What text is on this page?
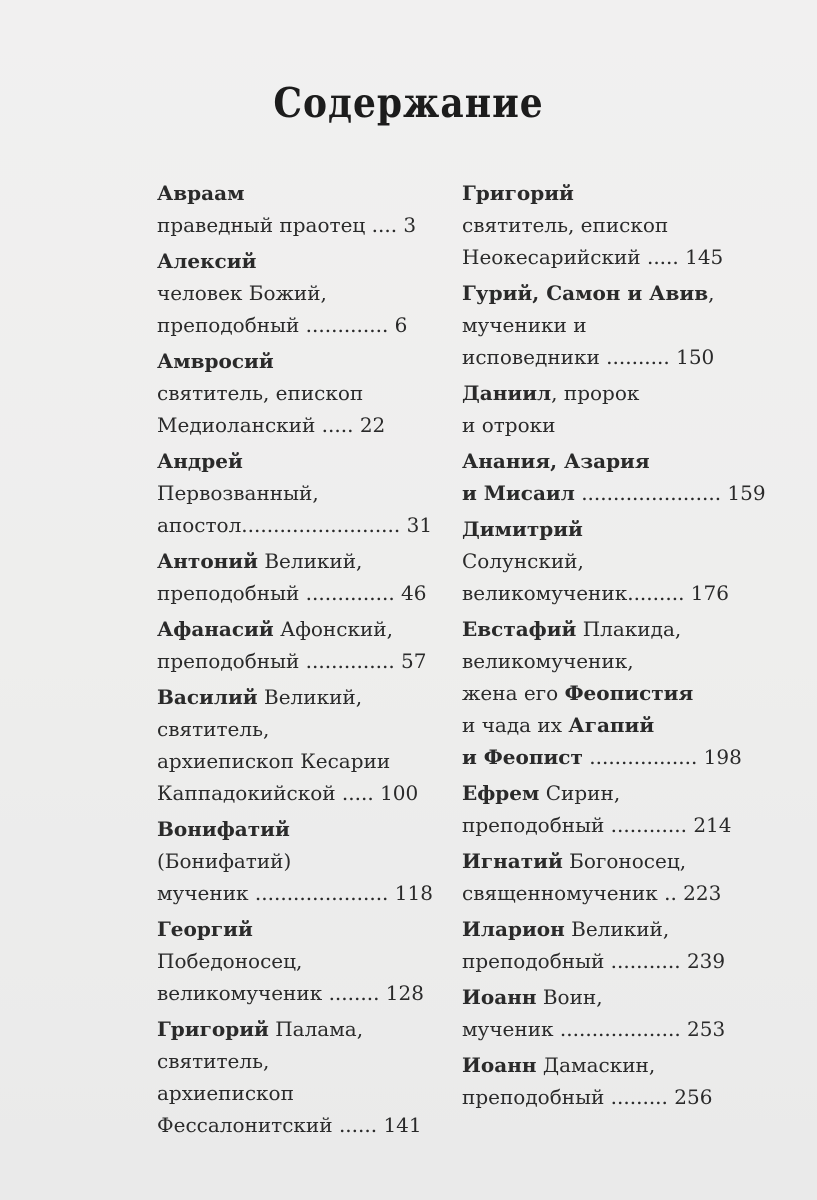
Содержание
Авраам
праведный праотец .... 3
Алексий
человек Божий,
преподобный ............. 6
Амвросий
святитель, епископ
Медиоланский ..... 22
Андрей
Первозванный,
апостол......................... 31
Антоний Великий,
преподобный .............. 46
Афанасий Афонский,
преподобный .............. 57
Василий Великий,
святитель,
архиепископ Кесарии
Каппадокийской ..... 100
Вонифатий
(Бонифатий)
мученик ..................... 118
Георгий
Победоносец,
великомученик ........ 128
Григорий Палама,
святитель,
архиепископ
Фессалонитский ...... 141
Григорий
святитель, епископ
Неокесарийский ..... 145
Гурий, Самон и Авив,
мученики и
исповедники .......... 150
Даниил, пророк
и отроки
Анания, Азария
и Мисаил ...................... 159
Димитрий
Солунский,
великомученик......... 176
Евстафий Плакида,
великомученик,
жена его Феопистия
и чада их Агапий
и Феопист ................. 198
Ефрем Сирин,
преподобный ............ 214
Игнатий Богоносец,
священномученик .. 223
Иларион Великий,
преподобный ........... 239
Иоанн Воин,
мученик ................... 253
Иоанн Дамаскин,
преподобный ......... 256
